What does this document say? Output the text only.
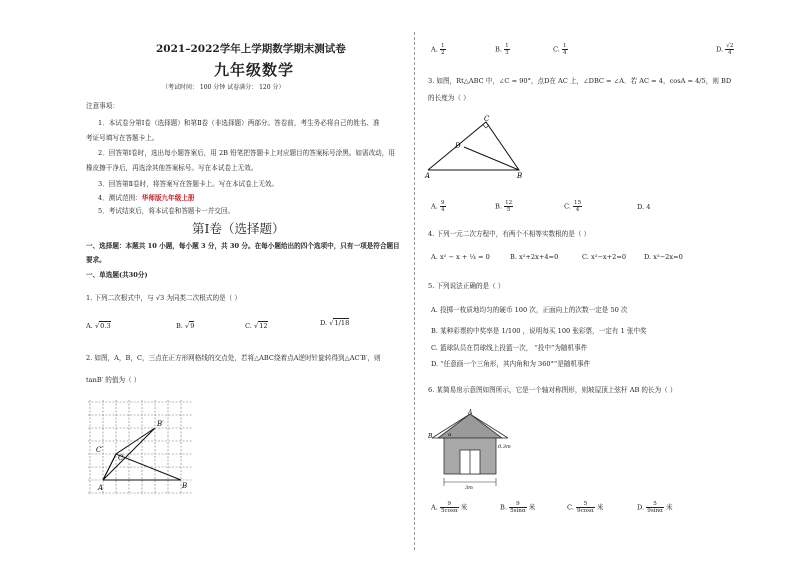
2021–2022学年上学期数学期末测试卷
九年级数学
（考试时间： 100 分钟 试卷满分： 120 分）
注意事项：
1．本试卷分第Ⅰ卷（选择题）和第Ⅱ卷（非选择题）两部分。答卷前，考生务必将自己的姓名、准
考证号填写在答题卡上。
2．回答第Ⅰ卷时，选出每小题答案后，用 2B 铅笔把答题卡上对应题目的答案标号涂黑。如需改动，用
橡皮擦干净后，再选涂其他答案标号。写在本试卷上无效。
3．回答第Ⅱ卷时，将答案写在答题卡上。写在本试卷上无效。
4．测试范围：华师版九年级上册
5．考试结束后，将本试卷和答题卡一并交回。
第Ⅰ卷（选择题）
一、选择题：本题共 10 小题，每小题 3 分，共 30 分。在每小题给出的四个选项中，只有一项是符合题目
要求。
一、单选题(共30分)
1. 下列二次根式中，与 √3 为同类二次根式的是（ ）
A. √0.3	B. √9	C. √12	D. √1/18
2. 如图，A，B，C，三点在正方形网格线的交点处，若将△ABC绕着点A逆时针旋转得到△AC′B′，则
tanB′ 的值为（ ）
B′
C′
C
A	B
A. $\frac{1}{2}$	B. $\frac{1}{3}$	C. $\frac{1}{4}$	D. $\frac{√2}{4}$
3. 如图，Rt△ABC 中，∠C = 90°，点D在 AC 上，∠DBC = ∠A．若 AC = 4，cosA = 4/5，则 BD
的长度为（ ）
C
D
A	B
A. $\frac{9}{4}$	B. $\frac{12}{5}$	C. $\frac{15}{4}$	D. 4
4. 下列一元二次方程中，有两个不相等实数根的是（ ）
A. x² − x + ¼ = 0	B. x²+2x+4=0	C. x²−x+2=0	D. x²−2x=0
5. 下列说法正确的是（ ）
A. 投掷一枚质地均匀的硬币 100 次，正面向上的次数一定是 50 次
B. 某种彩票的中奖率是 1/100 ，说明每买 100 张彩票，一定有 1 张中奖
C. 篮球队员在罚球线上投篮一次， “投中”为随机事件
D. “任意画一个三角形，其内角和为 360°”是随机事件
6. 某简易房示意图如图所示，它是一个轴对称图形，则坡屋顶上弦杆 AB 的长为（ ）
A
B	α
0.3m
3m
A. $\frac{9}{5\cos\alpha}$ 米	B. $\frac{9}{5\sin\alpha}$ 米	C. $\frac{5}{9\cos\alpha}$ 米	D. $\frac{5}{9\sin\alpha}$ 米
